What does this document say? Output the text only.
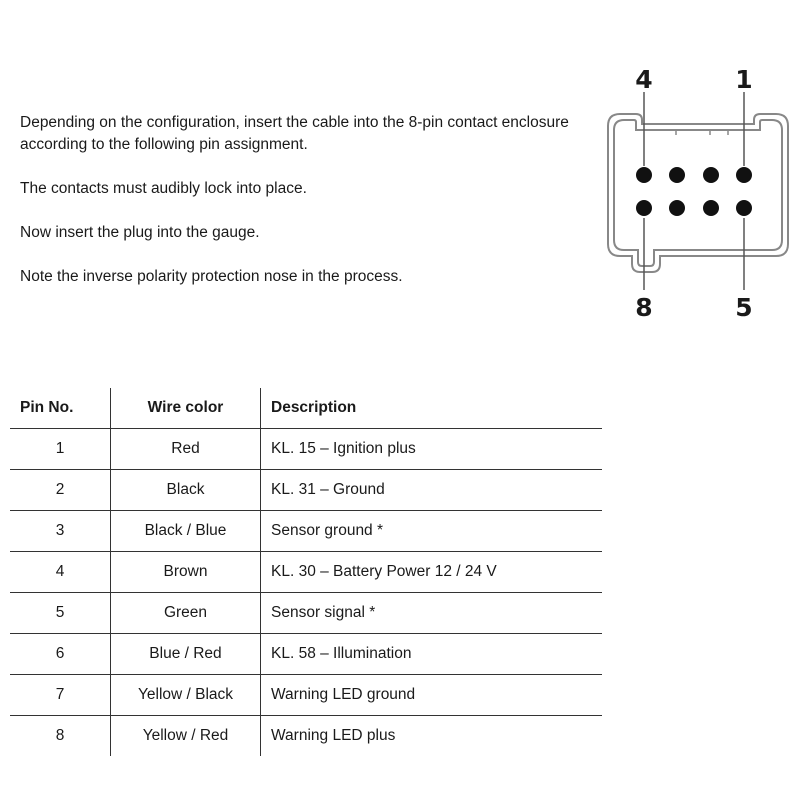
Depending on the configuration, insert the cable into the 8-pin contact enclosure according to the following pin assignment.

The contacts must audibly lock into place.

Now insert the plug into the gauge.

Note the inverse polarity protection nose in the process.

4	1
8	5
Pin No.	Wire color	Description
1	Red	KL. 15 – Ignition plus
2	Black	KL. 31 – Ground
3	Black / Blue	Sensor ground *
4	Brown	KL. 30 – Battery Power 12 / 24 V
5	Green	Sensor signal *
6	Blue / Red	KL. 58 – Illumination
7	Yellow / Black	Warning LED ground
8	Yellow / Red	Warning LED plus
